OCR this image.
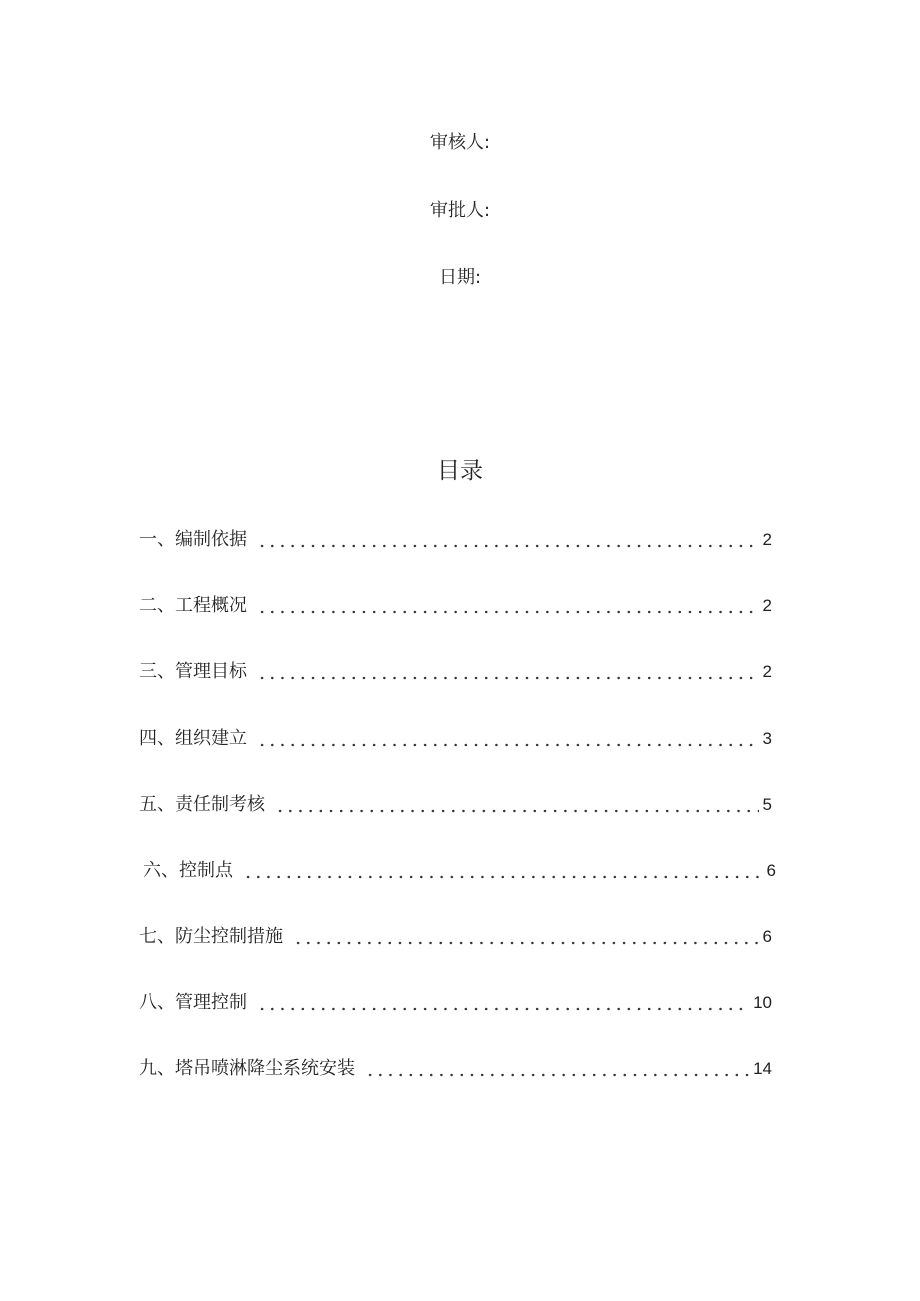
审核人:
审批人:
日期:
目录
一、编制依据	2
二、工程概况	2
三、管理目标	2
四、组织建立	3
五、责任制考核	5
六、控制点	6
七、防尘控制措施	6
八、管理控制	10
九、塔吊喷淋降尘系统安装	14
